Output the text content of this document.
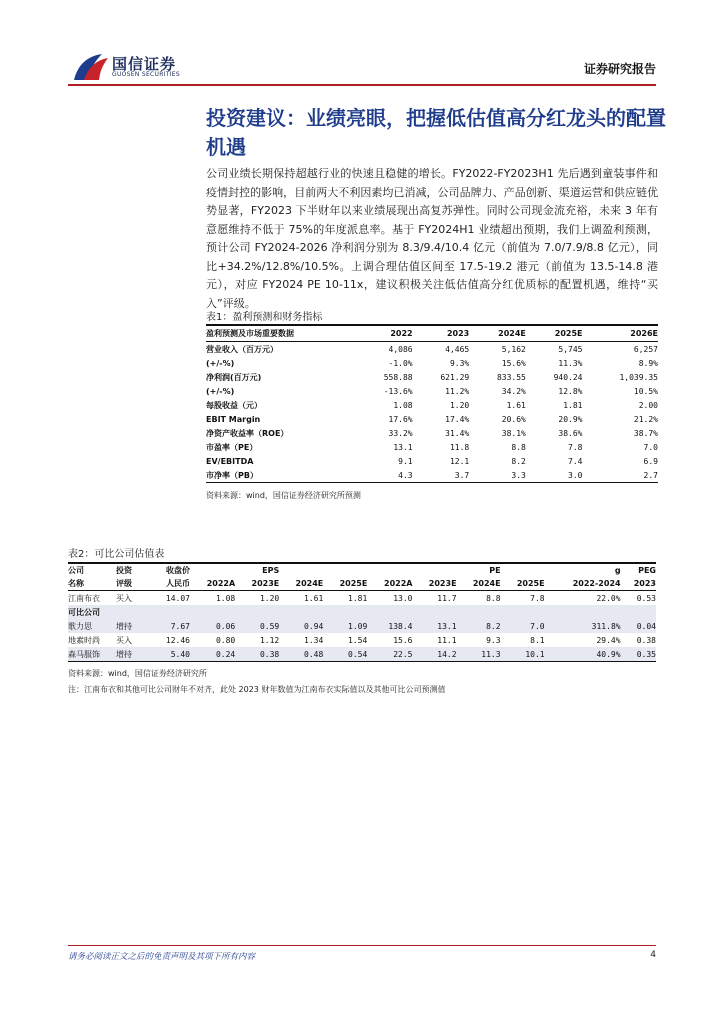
国信证券
GUOSEN SECURITIES	证券研究报告
投资建议：业绩亮眼，把握低估值高分红龙头的配置机遇
公司业绩长期保持超越行业的快速且稳健的增长。FY2022-FY2023H1 先后遇到童装事件和疫情封控的影响，目前两大不利因素均已消减，公司品牌力、产品创新、渠道运营和供应链优势显著，FY2023 下半财年以来业绩展现出高复苏弹性。同时公司现金流充裕，未来 3 年有意愿维持不低于 75%的年度派息率。基于 FY2024H1 业绩超出预期，我们上调盈利预测，预计公司 FY2024-2026 净利润分别为 8.3/9.4/10.4 亿元（前值为 7.0/7.9/8.8 亿元），同比+34.2%/12.8%/10.5%。上调合理估值区间至 17.5-19.2 港元（前值为 13.5-14.8 港元），对应 FY2024 PE 10-11x，建议积极关注低估值高分红优质标的配置机遇，维持“买入”评级。
表1：盈利预测和财务指标
盈利预测及市场重要数据	2022	2023	2024E	2025E	2026E
营业收入（百万元）	4,086	4,465	5,162	5,745	6,257
(+/-%)	-1.0%	9.3%	15.6%	11.3%	8.9%
净利润(百万元)	558.88	621.29	833.55	940.24	1,039.35
(+/-%)	-13.6%	11.2%	34.2%	12.8%	10.5%
每股收益（元）	1.08	1.20	1.61	1.81	2.00
EBIT Margin	17.6%	17.4%	20.6%	20.9%	21.2%
净资产收益率（ROE）	33.2%	31.4%	38.1%	38.6%	38.7%
市盈率（PE）	13.1	11.8	8.8	7.8	7.0
EV/EBITDA	9.1	12.1	8.2	7.4	6.9
市净率（PB）	4.3	3.7	3.3	3.0	2.7
资料来源：wind，国信证券经济研究所预测
表2：可比公司估值表
公司	投资	收盘价	EPS					PE			g	PEG
名称	评级	人民币	2022A	2023E	2024E	2025E	2022A	2023E	2024E	2025E	2022-2024	2023
江南布衣	买入	14.07	1.08	1.20	1.61	1.81	13.0	11.7	8.8	7.8	22.0%	0.53
可比公司												
歌力思	增持	7.67	0.06	0.59	0.94	1.09	138.4	13.1	8.2	7.0	311.8%	0.04
地素时尚	买入	12.46	0.80	1.12	1.34	1.54	15.6	11.1	9.3	8.1	29.4%	0.38
森马服饰	增持	5.40	0.24	0.38	0.48	0.54	22.5	14.2	11.3	10.1	40.9%	0.35
资料来源：wind，国信证券经济研究所
注：江南布衣和其他可比公司财年不对齐，此处 2023 财年数值为江南布衣实际值以及其他可比公司预测值
请务必阅读正文之后的免责声明及其项下所有内容	4
